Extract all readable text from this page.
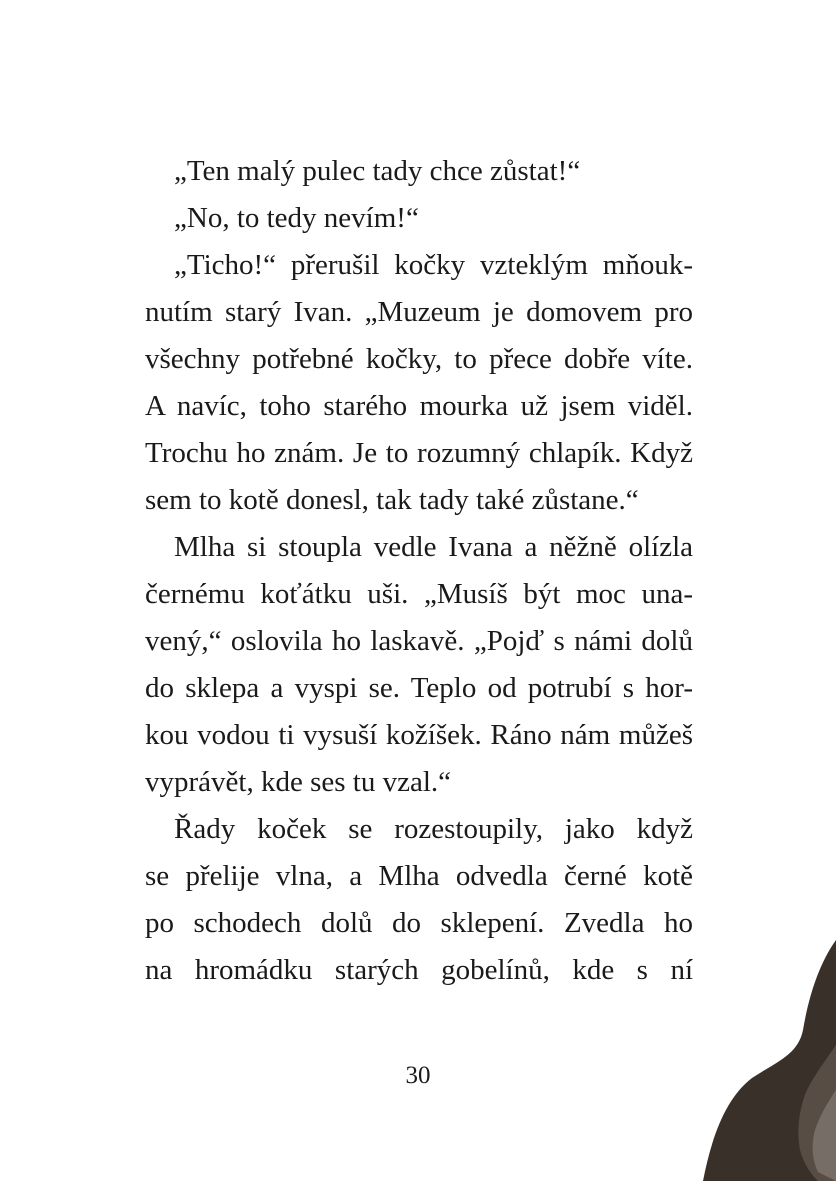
„Ten malý pulec tady chce zůstat!“
„No, to tedy nevím!“
„Ticho!“ přerušil kočky vzteklým mňouk-
nutím starý Ivan. „Muzeum je domovem pro
všechny potřebné kočky, to přece dobře víte.
A navíc, toho starého mourka už jsem viděl.
Trochu ho znám. Je to rozumný chlapík. Když
sem to kotě donesl, tak tady také zůstane.“
Mlha si stoupla vedle Ivana a něžně olízla
černému koťátku uši. „Musíš být moc una-
vený,“ oslovila ho laskavě. „Pojď s námi dolů
do sklepa a vyspi se. Teplo od potrubí s hor-
kou vodou ti vysuší kožíšek. Ráno nám můžeš
vyprávět, kde ses tu vzal.“
Řady koček se rozestoupily, jako když
se přelije vlna, a Mlha odvedla černé kotě
po schodech dolů do sklepení. Zvedla ho
na hromádku starých gobelínů, kde s ní
30
